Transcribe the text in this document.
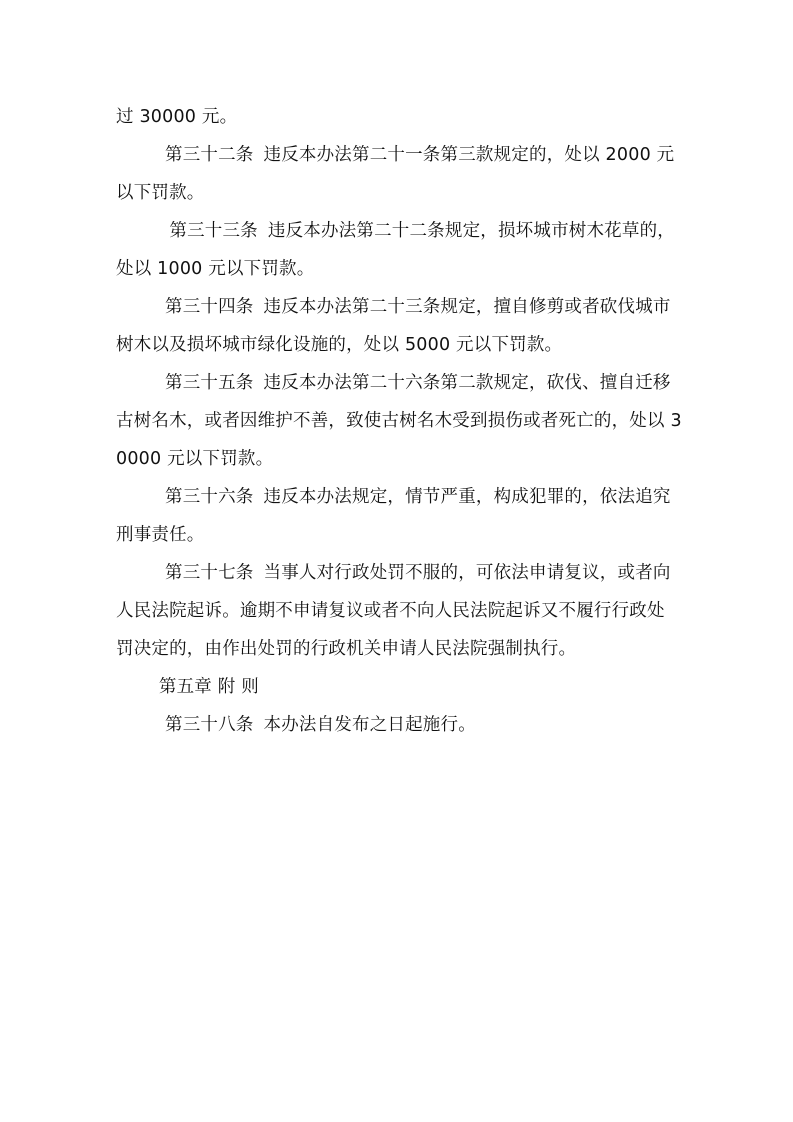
过 30000 元。

第三十二条 违反本办法第二十一条第三款规定的，处以 2000 元以下罚款。

第三十三条 违反本办法第二十二条规定，损坏城市树木花草的，处以 1000 元以下罚款。

第三十四条 违反本办法第二十三条规定，擅自修剪或者砍伐城市树木以及损坏城市绿化设施的，处以 5000 元以下罚款。

第三十五条 违反本办法第二十六条第二款规定，砍伐、擅自迁移古树名木，或者因维护不善，致使古树名木受到损伤或者死亡的，处以 30000 元以下罚款。

第三十六条 违反本办法规定，情节严重，构成犯罪的，依法追究刑事责任。

第三十七条 当事人对行政处罚不服的，可依法申请复议，或者向人民法院起诉。逾期不申请复议或者不向人民法院起诉又不履行行政处罚决定的，由作出处罚的行政机关申请人民法院强制执行。

第五章 附 则

第三十八条 本办法自发布之日起施行。
